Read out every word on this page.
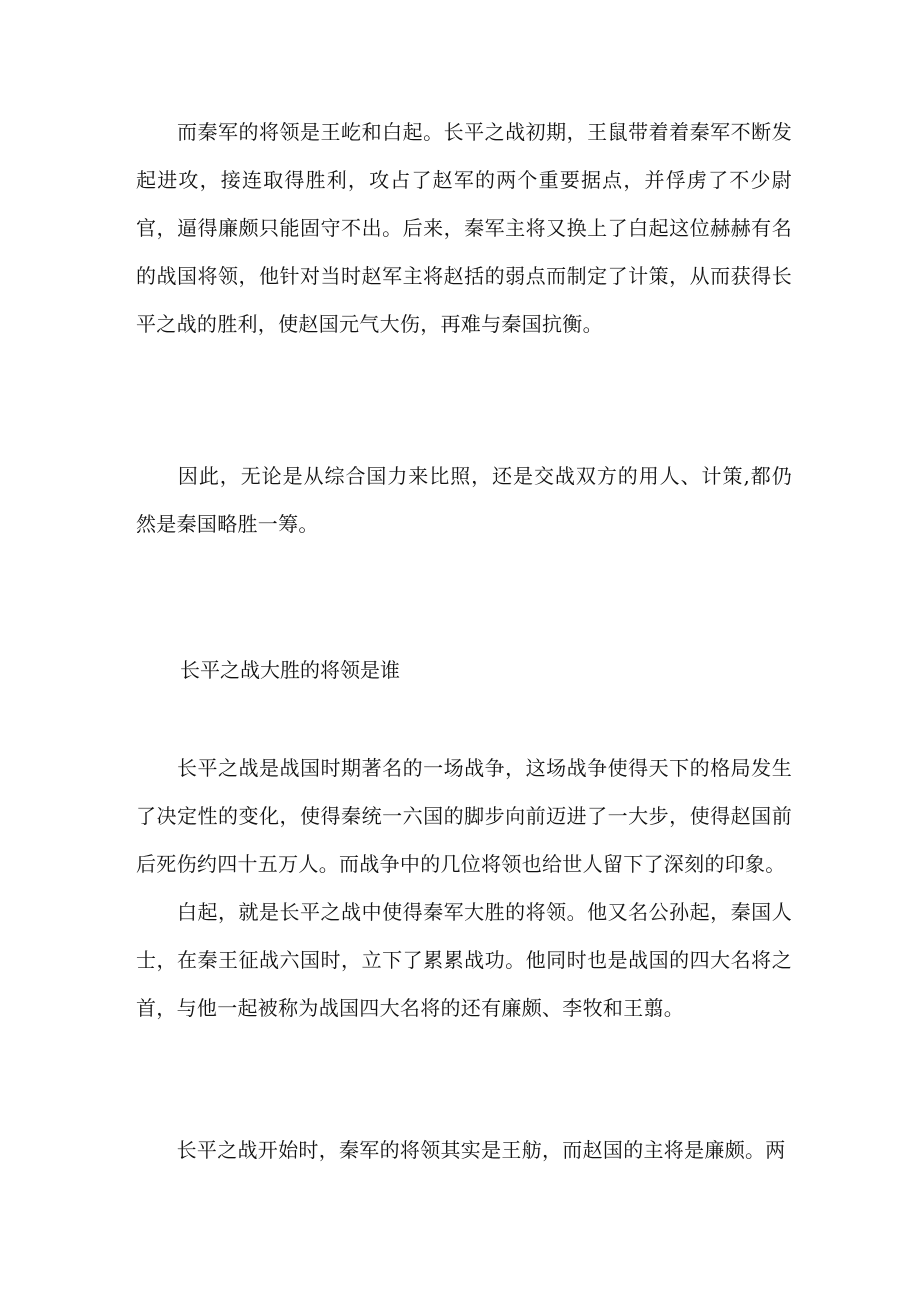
　　而秦军的将领是王屹和白起。长平之战初期，王鼠带着着秦军不断发起进攻，接连取得胜利，攻占了赵军的两个重要据点，并俘虏了不少尉官，逼得廉颇只能固守不出。后来，秦军主将又换上了白起这位赫赫有名的战国将领，他针对当时赵军主将赵括的弱点而制定了计策，从而获得长平之战的胜利，使赵国元气大伤，再难与秦国抗衡。

　　因此，无论是从综合国力来比照，还是交战双方的用人、计策,都仍然是秦国略胜一筹。

长平之战大胜的将领是谁

　　长平之战是战国时期著名的一场战争，这场战争使得天下的格局发生了决定性的变化，使得秦统一六国的脚步向前迈进了一大步，使得赵国前后死伤约四十五万人。而战争中的几位将领也给世人留下了深刻的印象。

　　白起，就是长平之战中使得秦军大胜的将领。他又名公孙起，秦国人士，在秦王征战六国时，立下了累累战功。他同时也是战国的四大名将之首，与他一起被称为战国四大名将的还有廉颇、李牧和王翦。

　　长平之战开始时，秦军的将领其实是王舫，而赵国的主将是廉颇。两
